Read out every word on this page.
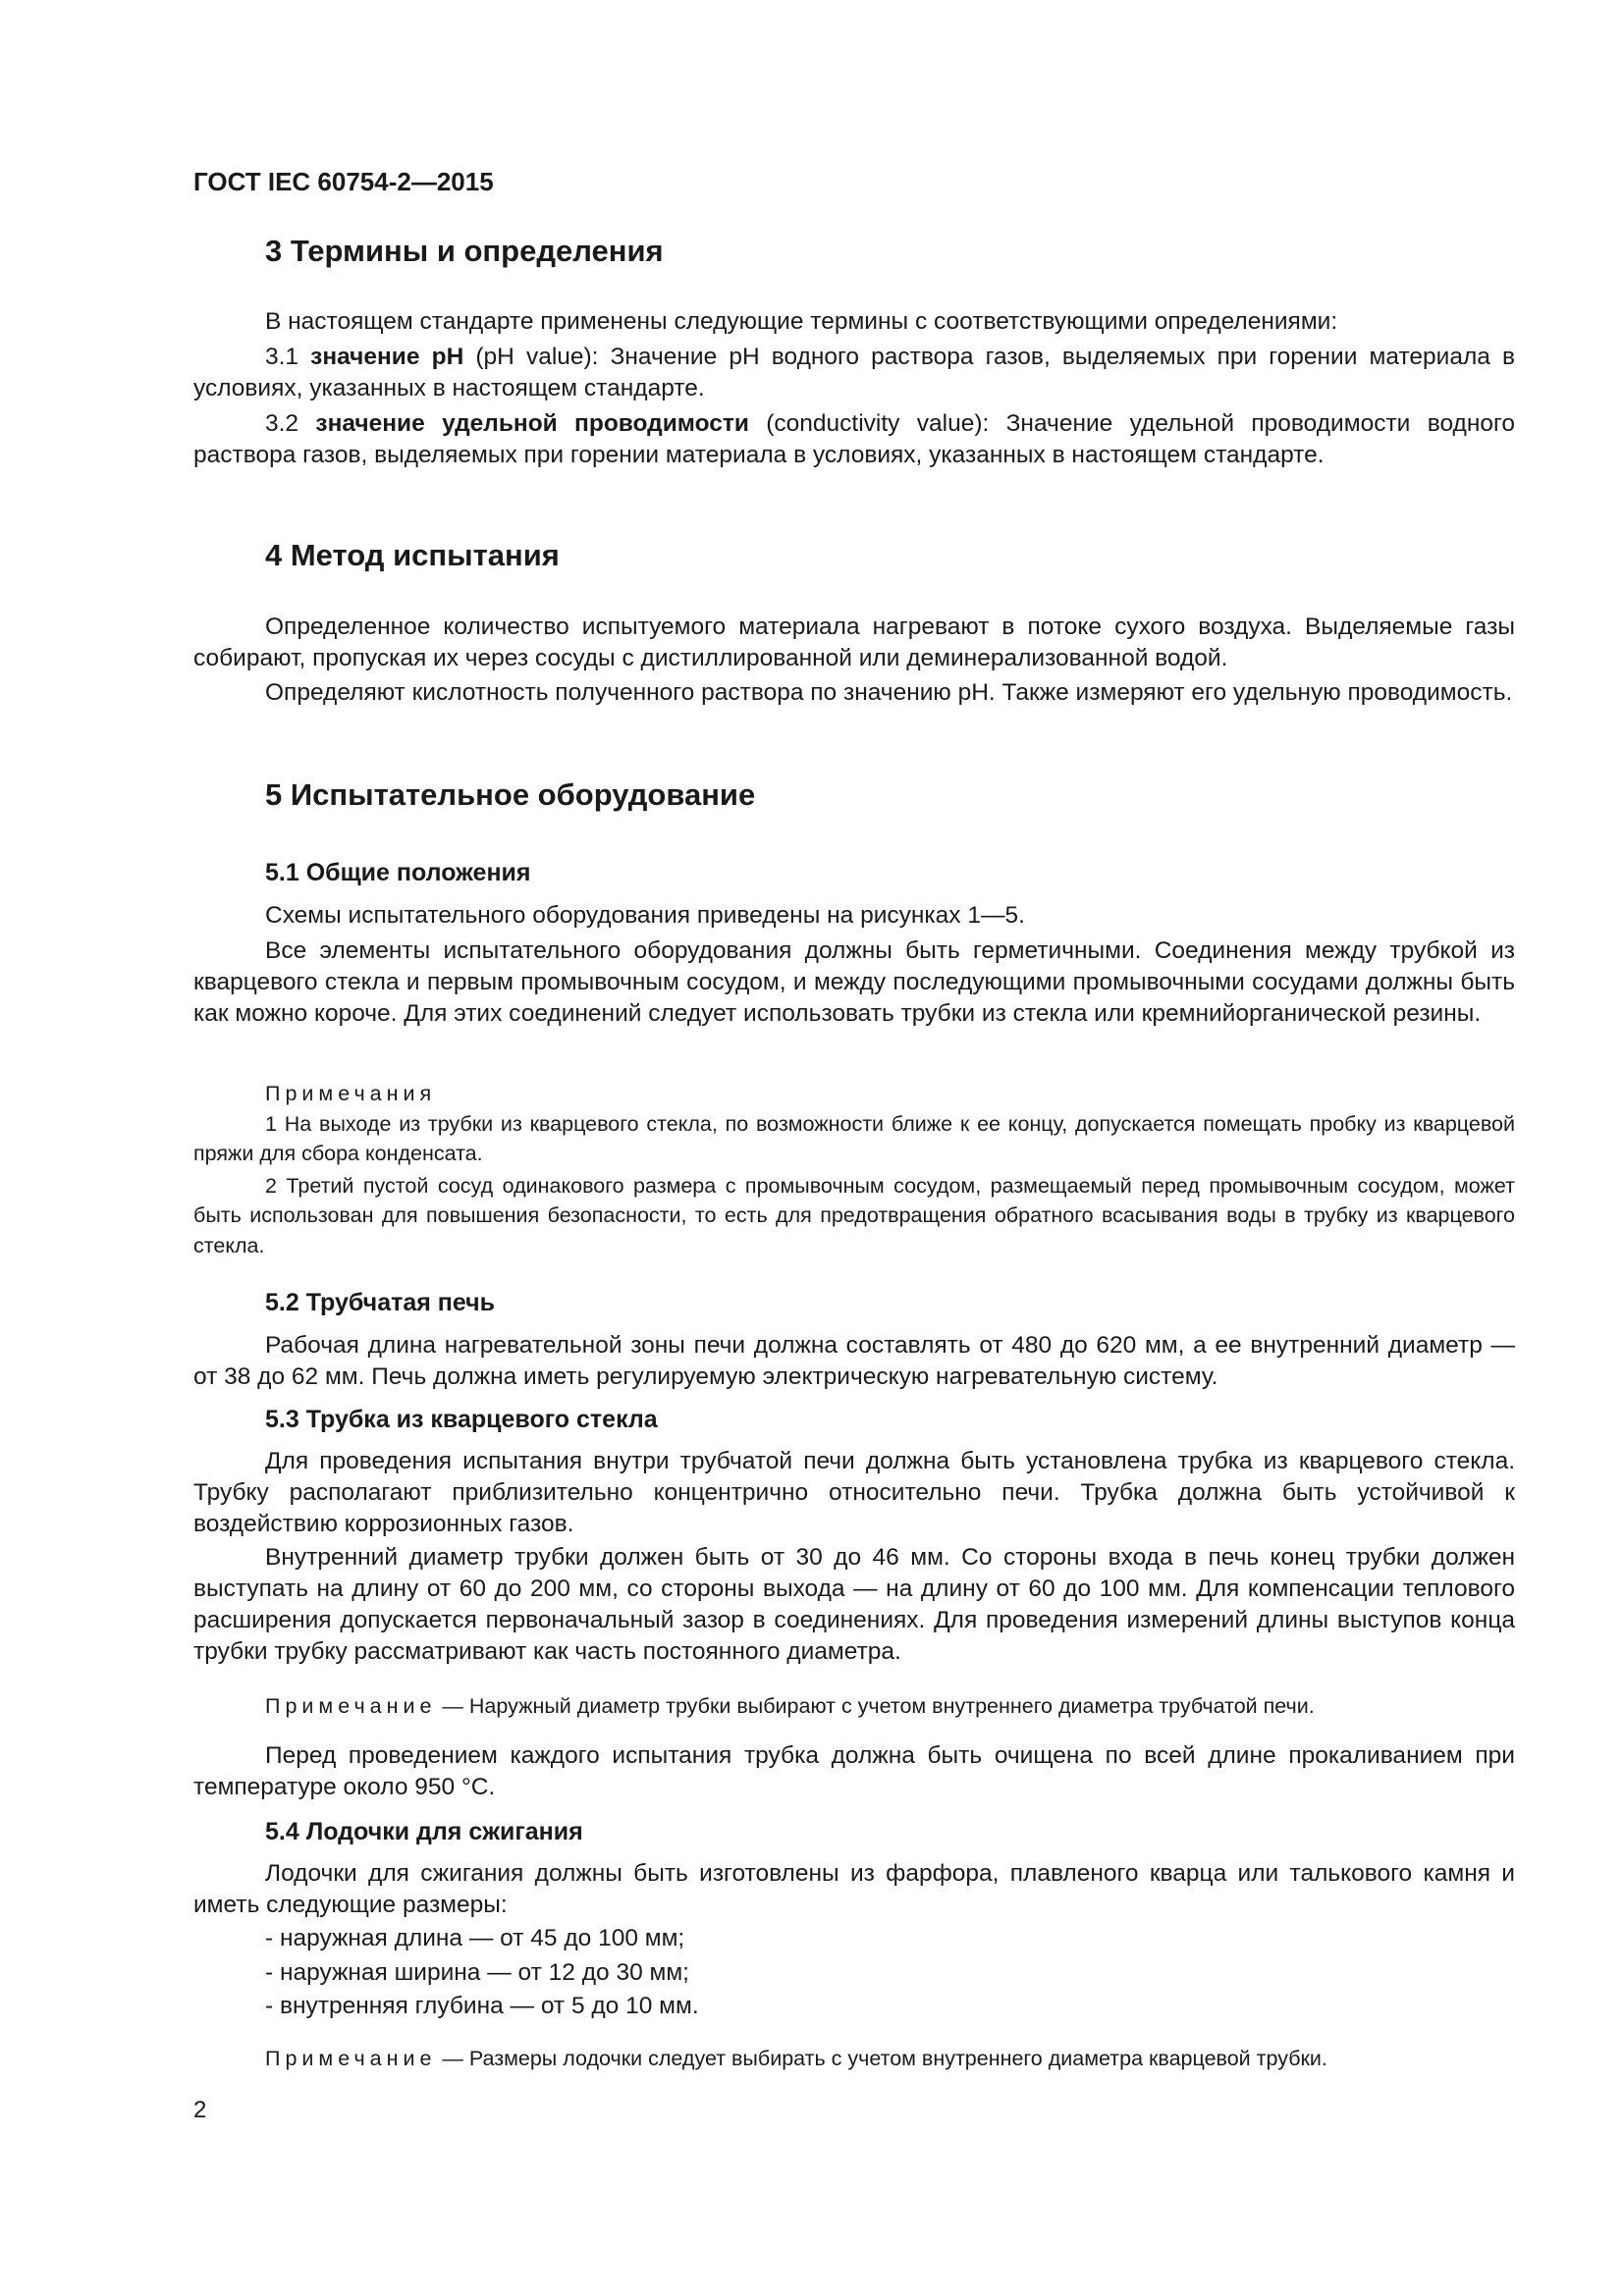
ГОСТ IEC 60754-2—2015
3 Термины и определения

В настоящем стандарте применены следующие термины с соответствующими определениями:

3.1 значение pH (pH value): Значение pH водного раствора газов, выделяемых при горении материала в условиях, указанных в настоящем стандарте.

3.2 значение удельной проводимости (conductivity value): Значение удельной проводимости водного раствора газов, выделяемых при горении материала в условиях, указанных в настоящем стандарте.

4 Метод испытания

Определенное количество испытуемого материала нагревают в потоке сухого воздуха. Выделяемые газы собирают, пропуская их через сосуды с дистиллированной или деминерализованной водой.

Определяют кислотность полученного раствора по значению pH. Также измеряют его удельную проводимость.

5 Испытательное оборудование
5.1 Общие положения

Схемы испытательного оборудования приведены на рисунках 1—5.

Все элементы испытательного оборудования должны быть герметичными. Соединения между трубкой из кварцевого стекла и первым промывочным сосудом, и между последующими промывочными сосудами должны быть как можно короче. Для этих соединений следует использовать трубки из стекла или кремнийорганической резины.

Примечания
1 На выходе из трубки из кварцевого стекла, по возможности ближе к ее концу, допускается помещать пробку из кварцевой пряжи для сбора конденсата.
2 Третий пустой сосуд одинакового размера с промывочным сосудом, размещаемый перед промывочным сосудом, может быть использован для повышения безопасности, то есть для предотвращения обратного всасывания воды в трубку из кварцевого стекла.
5.2 Трубчатая печь
Рабочая длина нагревательной зоны печи должна составлять от 480 до 620 мм, а ее внутренний диаметр — от 38 до 62 мм. Печь должна иметь регулируемую электрическую нагревательную систему.
5.3 Трубка из кварцевого стекла

Для проведения испытания внутри трубчатой печи должна быть установлена трубка из кварцевого стекла. Трубку располагают приблизительно концентрично относительно печи. Трубка должна быть устойчивой к воздействию коррозионных газов.

Внутренний диаметр трубки должен быть от 30 до 46 мм. Со стороны входа в печь конец трубки должен выступать на длину от 60 до 200 мм, со стороны выхода — на длину от 60 до 100 мм. Для компенсации теплового расширения допускается первоначальный зазор в соединениях. Для проведения измерений длины выступов конца трубки трубку рассматривают как часть постоянного диаметра.

Примечание — Наружный диаметр трубки выбирают с учетом внутреннего диаметра трубчатой печи.
Перед проведением каждого испытания трубка должна быть очищена по всей длине прокаливанием при температуре около 950 °С.
5.4 Лодочки для сжигания
Лодочки для сжигания должны быть изготовлены из фарфора, плавленого кварца или талькового камня и иметь следующие размеры:
- наружная длина — от 45 до 100 мм;
- наружная ширина — от 12 до 30 мм;
- внутренняя глубина — от 5 до 10 мм.
Примечание — Размеры лодочки следует выбирать с учетом внутреннего диаметра кварцевой трубки.
2
